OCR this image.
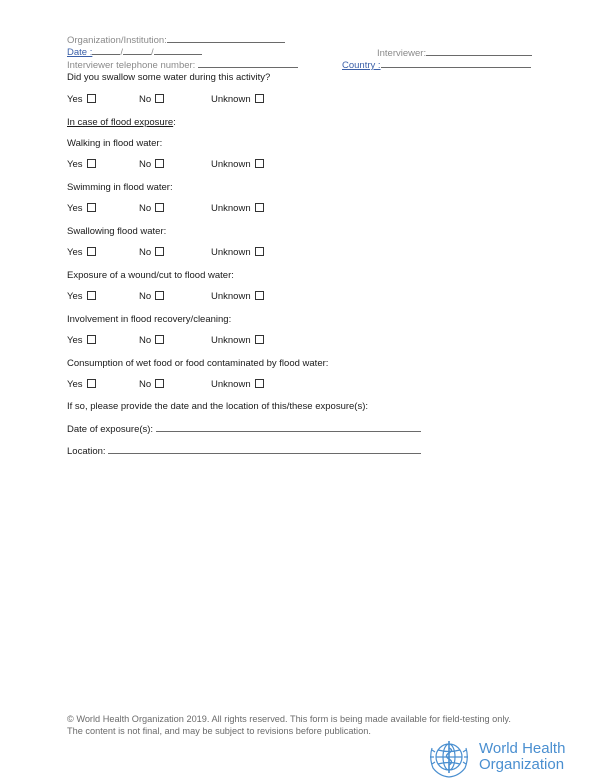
Organization/Institution:
Date :	/	/	Interviewer:
Interviewer telephone number:	Country :
Did you swallow some water during this activity?
Yes	No	Unknown
In case of flood exposure:
Walking in flood water:
Yes	No	Unknown
Swimming in flood water:
Yes	No	Unknown
Swallowing flood water:
Yes	No	Unknown
Exposure of a wound/cut to flood water:
Yes	No	Unknown
Involvement in flood recovery/cleaning:
Yes	No	Unknown
Consumption of wet food or food contaminated by flood water:
Yes	No	Unknown
If so, please provide the date and the location of this/these exposure(s):
Date of exposure(s):
Location:
© World Health Organization 2019. All rights reserved. This form is being made available for field-testing only.
The content is not final, and may be subject to revisions before publication.
World Health
Organization
